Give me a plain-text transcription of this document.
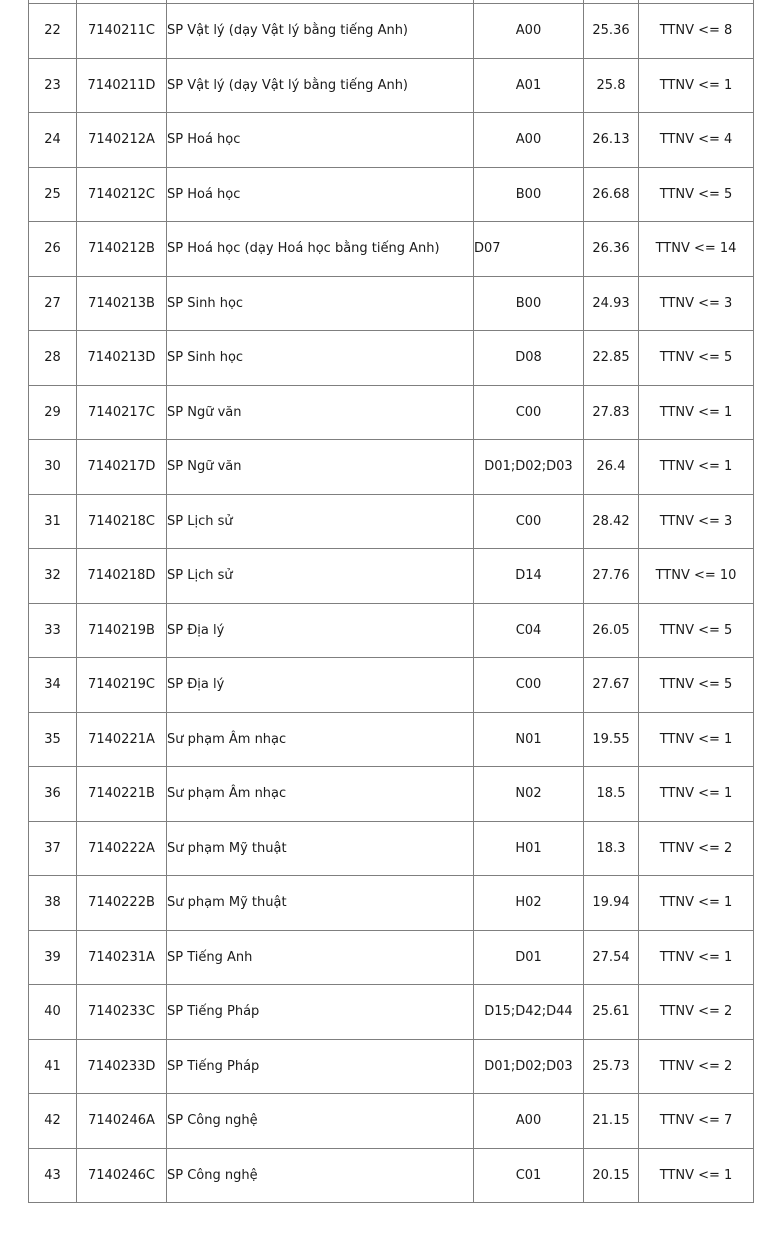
22	7140211C	SP Vật lý (dạy Vật lý bằng tiếng Anh)	A00	25.36	TTNV <= 8
23	7140211D	SP Vật lý (dạy Vật lý bằng tiếng Anh)	A01	25.8	TTNV <= 1
24	7140212A	SP Hoá học	A00	26.13	TTNV <= 4
25	7140212C	SP Hoá học	B00	26.68	TTNV <= 5
26	7140212B	SP Hoá học (dạy Hoá học bằng tiếng Anh)	D07	26.36	TTNV <= 14
27	7140213B	SP Sinh học	B00	24.93	TTNV <= 3
28	7140213D	SP Sinh học	D08	22.85	TTNV <= 5
29	7140217C	SP Ngữ văn	C00	27.83	TTNV <= 1
30	7140217D	SP Ngữ văn	D01;D02;D03	26.4	TTNV <= 1
31	7140218C	SP Lịch sử	C00	28.42	TTNV <= 3
32	7140218D	SP Lịch sử	D14	27.76	TTNV <= 10
33	7140219B	SP Địa lý	C04	26.05	TTNV <= 5
34	7140219C	SP Địa lý	C00	27.67	TTNV <= 5
35	7140221A	Sư phạm Âm nhạc	N01	19.55	TTNV <= 1
36	7140221B	Sư phạm Âm nhạc	N02	18.5	TTNV <= 1
37	7140222A	Sư phạm Mỹ thuật	H01	18.3	TTNV <= 2
38	7140222B	Sư phạm Mỹ thuật	H02	19.94	TTNV <= 1
39	7140231A	SP Tiếng Anh	D01	27.54	TTNV <= 1
40	7140233C	SP Tiếng Pháp	D15;D42;D44	25.61	TTNV <= 2
41	7140233D	SP Tiếng Pháp	D01;D02;D03	25.73	TTNV <= 2
42	7140246A	SP Công nghệ	A00	21.15	TTNV <= 7
43	7140246C	SP Công nghệ	C01	20.15	TTNV <= 1
